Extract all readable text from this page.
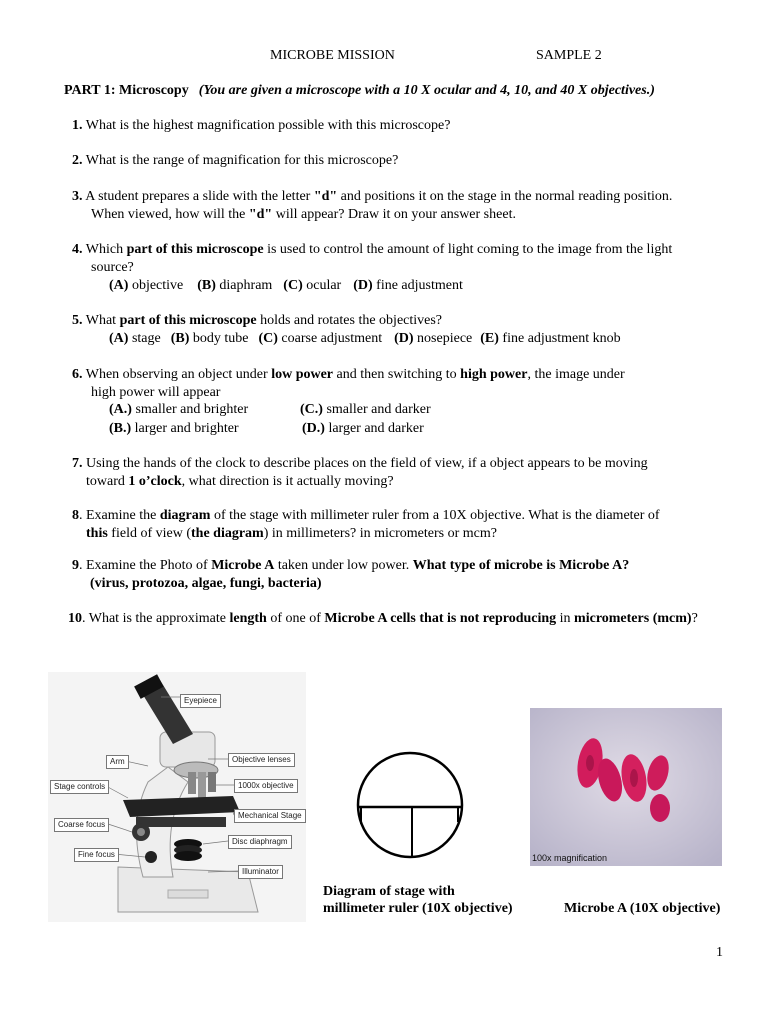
MICROBE MISSION	SAMPLE 2
PART 1: Microscopy (You are given a microscope with a 10 X ocular and 4, 10, and 40 X objectives.)
1. What is the highest magnification possible with this microscope?
2. What is the range of magnification for this microscope?
3. A student prepares a slide with the letter "d" and positions it on the stage in the normal reading position.
When viewed, how will the "d" will appear? Draw it on your answer sheet.
4. Which part of this microscope is used to control the amount of light coming to the image from the light
source?
(A) objective (B) diaphram (C) ocular (D) fine adjustment
5. What part of this microscope holds and rotates the objectives?
(A) stage (B) body tube (C) coarse adjustment (D) nosepiece (E) fine adjustment knob
6. When observing an object under low power and then switching to high power, the image under
high power will appear
(A.) smaller and brighter	(C.) smaller and darker
(B.) larger and brighter	(D.) larger and darker
7. Using the hands of the clock to describe places on the field of view, if a object appears to be moving
toward 1 o’clock, what direction is it actually moving?
8. Examine the diagram of the stage with millimeter ruler from a 10X objective. What is the diameter of
this field of view (the diagram) in millimeters? in micrometers or mcm?
9. Examine the Photo of Microbe A taken under low power. What type of microbe is Microbe A?
(virus, protozoa, algae, fungi, bacteria)
10. What is the approximate length of one of Microbe A cells that is not reproducing in micrometers (mcm)?
Eyepiece
Arm	Objective lenses
Stage controls	1000x objective
Mechanical Stage
Coarse focus
Disc diaphragm
Fine focus
Illuminator
Diagram of stage with
millimeter ruler (10X objective)
100x magnification
Microbe A (10X objective)
1
